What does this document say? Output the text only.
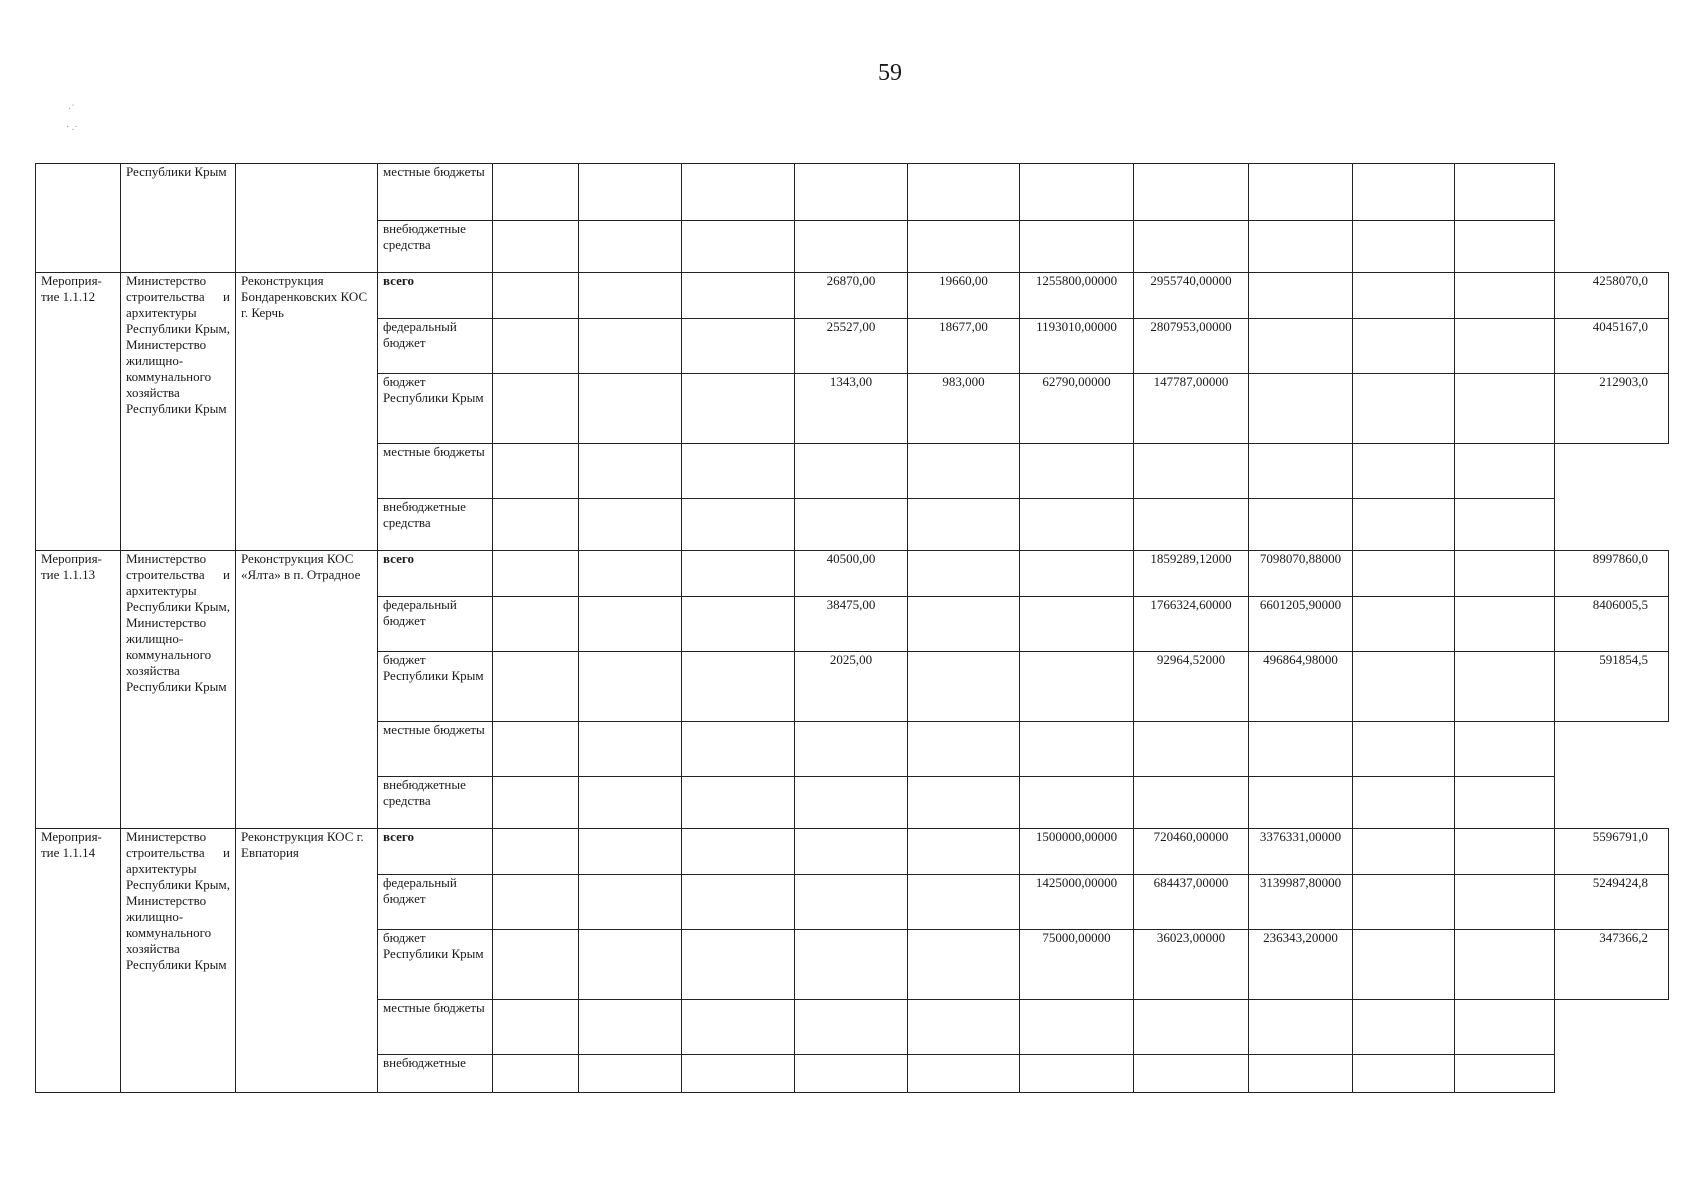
59
·´
· .·
	Республики Крым		местные бюджеты											
			внебюджетные средства											
Мероприя-тие 1.1.12	Министерство строительства и архитектуры Республики Крым, Министерство жилищно-коммунального хозяйства Республики Крым	Реконструкция Бондаренковских КОС г. Керчь	всего				26870,00	19660,00	1255800,00000	2955740,00000				4258070,0
			федеральный бюджет				25527,00	18677,00	1193010,00000	2807953,00000				4045167,0
			бюджет Республики Крым				1343,00	983,000	62790,00000	147787,00000				212903,0
			местные бюджеты											
			внебюджетные средства											
Мероприя-тие 1.1.13	Министерство строительства и архитектуры Республики Крым, Министерство жилищно-коммунального хозяйства Республики Крым	Реконструкция КОС «Ялта» в п. Отрадное	всего				40500,00			1859289,12000	7098070,88000			8997860,0
			федеральный бюджет				38475,00			1766324,60000	6601205,90000			8406005,5
			бюджет Республики Крым				2025,00			92964,52000	496864,98000			591854,5
			местные бюджеты											
			внебюджетные средства											
Мероприя-тие 1.1.14	Министерство строительства и архитектуры Республики Крым, Министерство жилищно-коммунального хозяйства Республики Крым	Реконструкция КОС г. Евпатория	всего						1500000,00000	720460,00000	3376331,00000			5596791,0
			федеральный бюджет						1425000,00000	684437,00000	3139987,80000			5249424,8
			бюджет Республики Крым						75000,00000	36023,00000	236343,20000			347366,2
			местные бюджеты											
			внебюджетные											
